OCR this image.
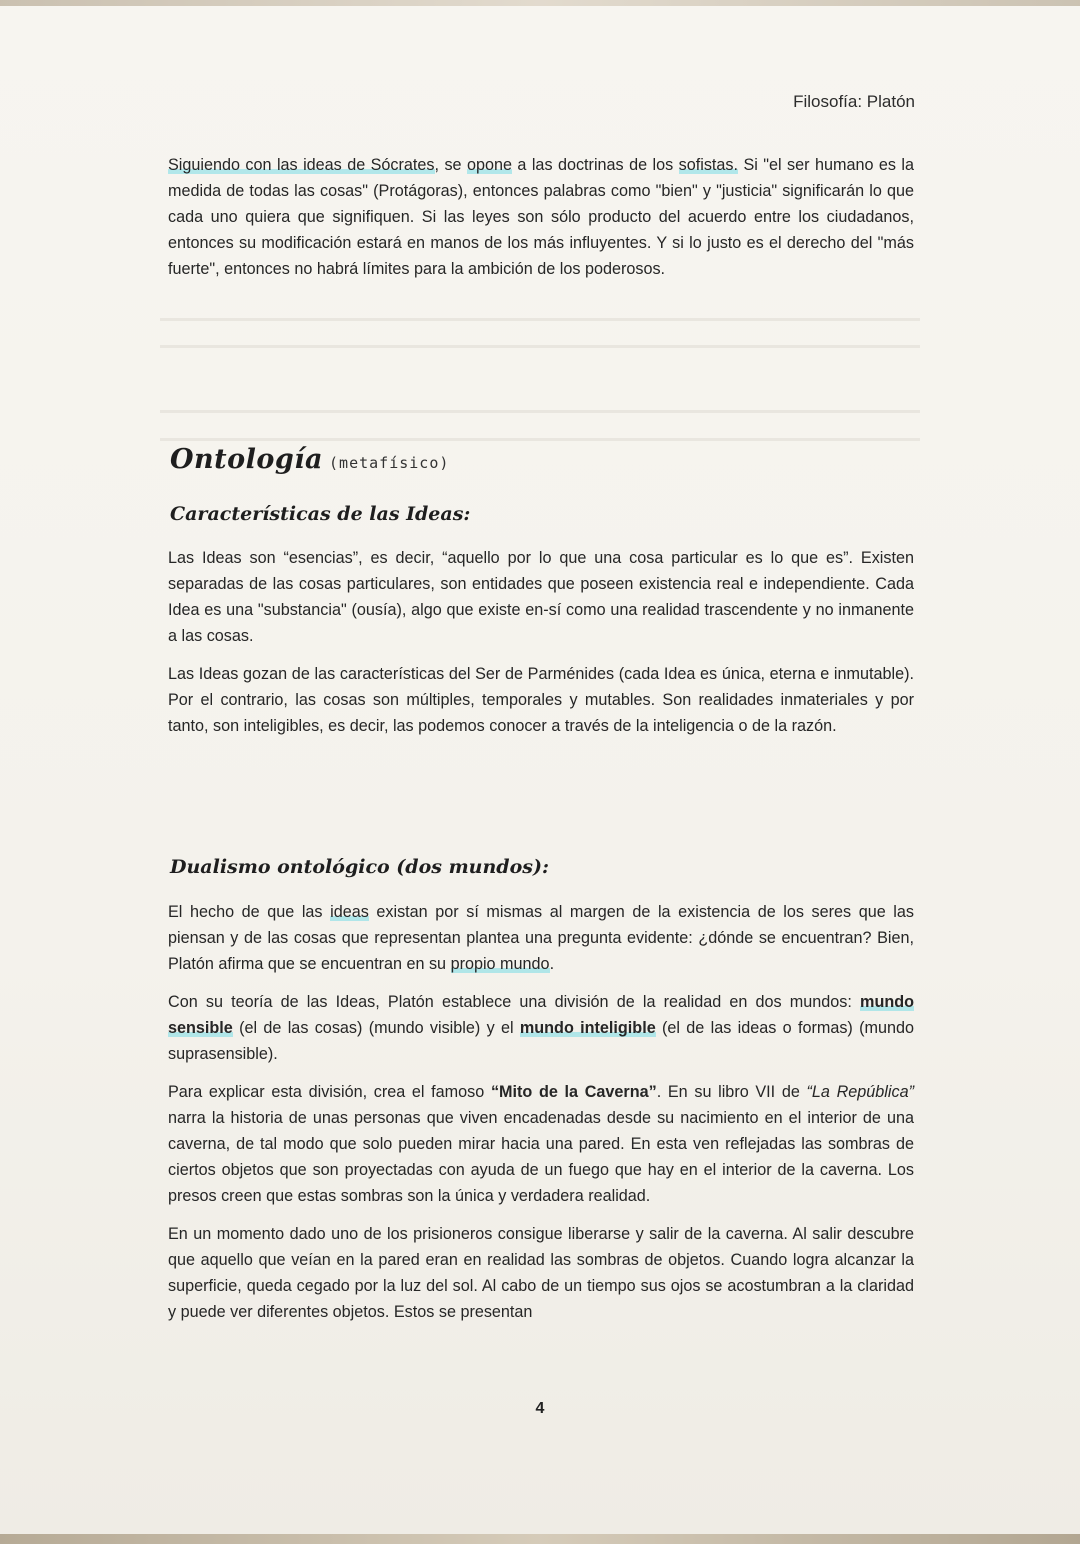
Filosofía: Platón

Siguiendo con las ideas de Sócrates, se opone a las doctrinas de los sofistas. Si "el ser humano es la medida de todas las cosas" (Protágoras), entonces palabras como "bien" y "justicia" significarán lo que cada uno quiera que signifiquen. Si las leyes son sólo producto del acuerdo entre los ciudadanos, entonces su modificación estará en manos de los más influyentes. Y si lo justo es el derecho del "más fuerte", entonces no habrá límites para la ambición de los poderosos.

Ontología (metafísico)
Características de las Ideas:

Las Ideas son “esencias”, es decir, “aquello por lo que una cosa particular es lo que es”. Existen separadas de las cosas particulares, son entidades que poseen existencia real e independiente. Cada Idea es una "substancia" (ousía), algo que existe en-sí como una realidad trascendente y no inmanente a las cosas.

Las Ideas gozan de las características del Ser de Parménides (cada Idea es única, eterna e inmutable). Por el contrario, las cosas son múltiples, temporales y mutables. Son realidades inmateriales y por tanto, son inteligibles, es decir, las podemos conocer a través de la inteligencia o de la razón.

Dualismo ontológico (dos mundos):

El hecho de que las ideas existan por sí mismas al margen de la existencia de los seres que las piensan y de las cosas que representan plantea una pregunta evidente: ¿dónde se encuentran? Bien, Platón afirma que se encuentran en su propio mundo.

Con su teoría de las Ideas, Platón establece una división de la realidad en dos mundos: mundo sensible (el de las cosas) (mundo visible) y el mundo inteligible (el de las ideas o formas) (mundo suprasensible).

Para explicar esta división, crea el famoso “Mito de la Caverna”. En su libro VII de “La República” narra la historia de unas personas que viven encadenadas desde su nacimiento en el interior de una caverna, de tal modo que solo pueden mirar hacia una pared. En esta ven reflejadas las sombras de ciertos objetos que son proyectadas con ayuda de un fuego que hay en el interior de la caverna. Los presos creen que estas sombras son la única y verdadera realidad.

En un momento dado uno de los prisioneros consigue liberarse y salir de la caverna. Al salir descubre que aquello que veían en la pared eran en realidad las sombras de objetos. Cuando logra alcanzar la superficie, queda cegado por la luz del sol. Al cabo de un tiempo sus ojos se acostumbran a la claridad y puede ver diferentes objetos. Estos se presentan

4
